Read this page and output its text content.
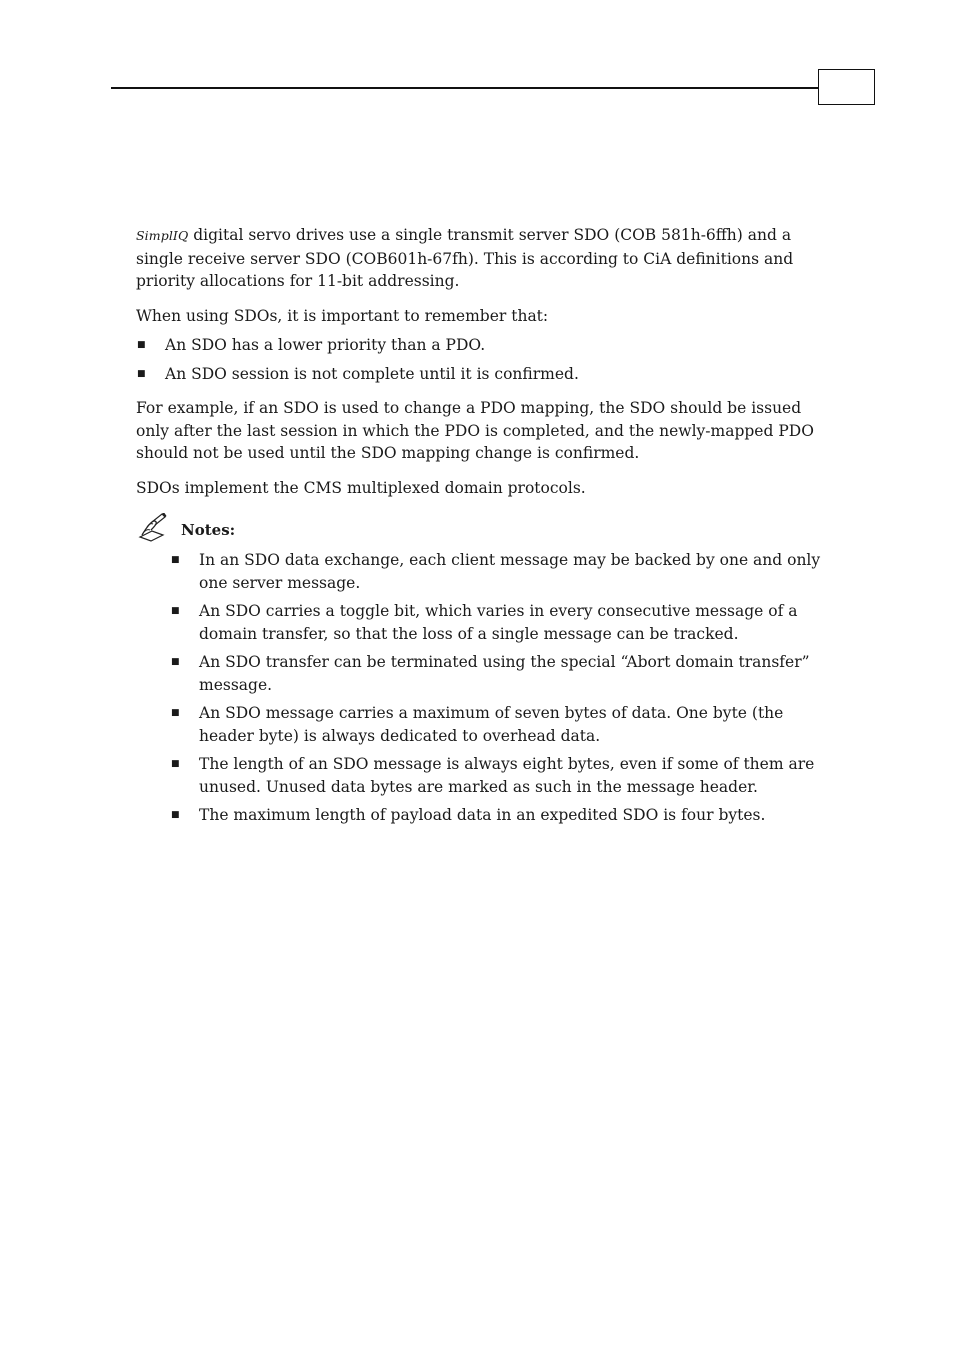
SimplIQ digital servo drives use a single transmit server SDO (COB 581h-6ffh) and a single receive server SDO (COB601h-67fh). This is according to CiA definitions and priority allocations for 11-bit addressing.

When using SDOs, it is important to remember that:

■ An SDO has a lower priority than a PDO.
■ An SDO session is not complete until it is confirmed.

For example, if an SDO is used to change a PDO mapping, the SDO should be issued only after the last session in which the PDO is completed, and the newly-mapped PDO should not be used until the SDO mapping change is confirmed.

SDOs implement the CMS multiplexed domain protocols.

Notes:
■ In an SDO data exchange, each client message may be backed by one and only one server message.
■ An SDO carries a toggle bit, which varies in every consecutive message of a domain transfer, so that the loss of a single message can be tracked.
■ An SDO transfer can be terminated using the special “Abort domain transfer” message.
■ An SDO message carries a maximum of seven bytes of data. One byte (the header byte) is always dedicated to overhead data.
■ The length of an SDO message is always eight bytes, even if some of them are unused. Unused data bytes are marked as such in the message header.
■ The maximum length of payload data in an expedited SDO is four bytes.
